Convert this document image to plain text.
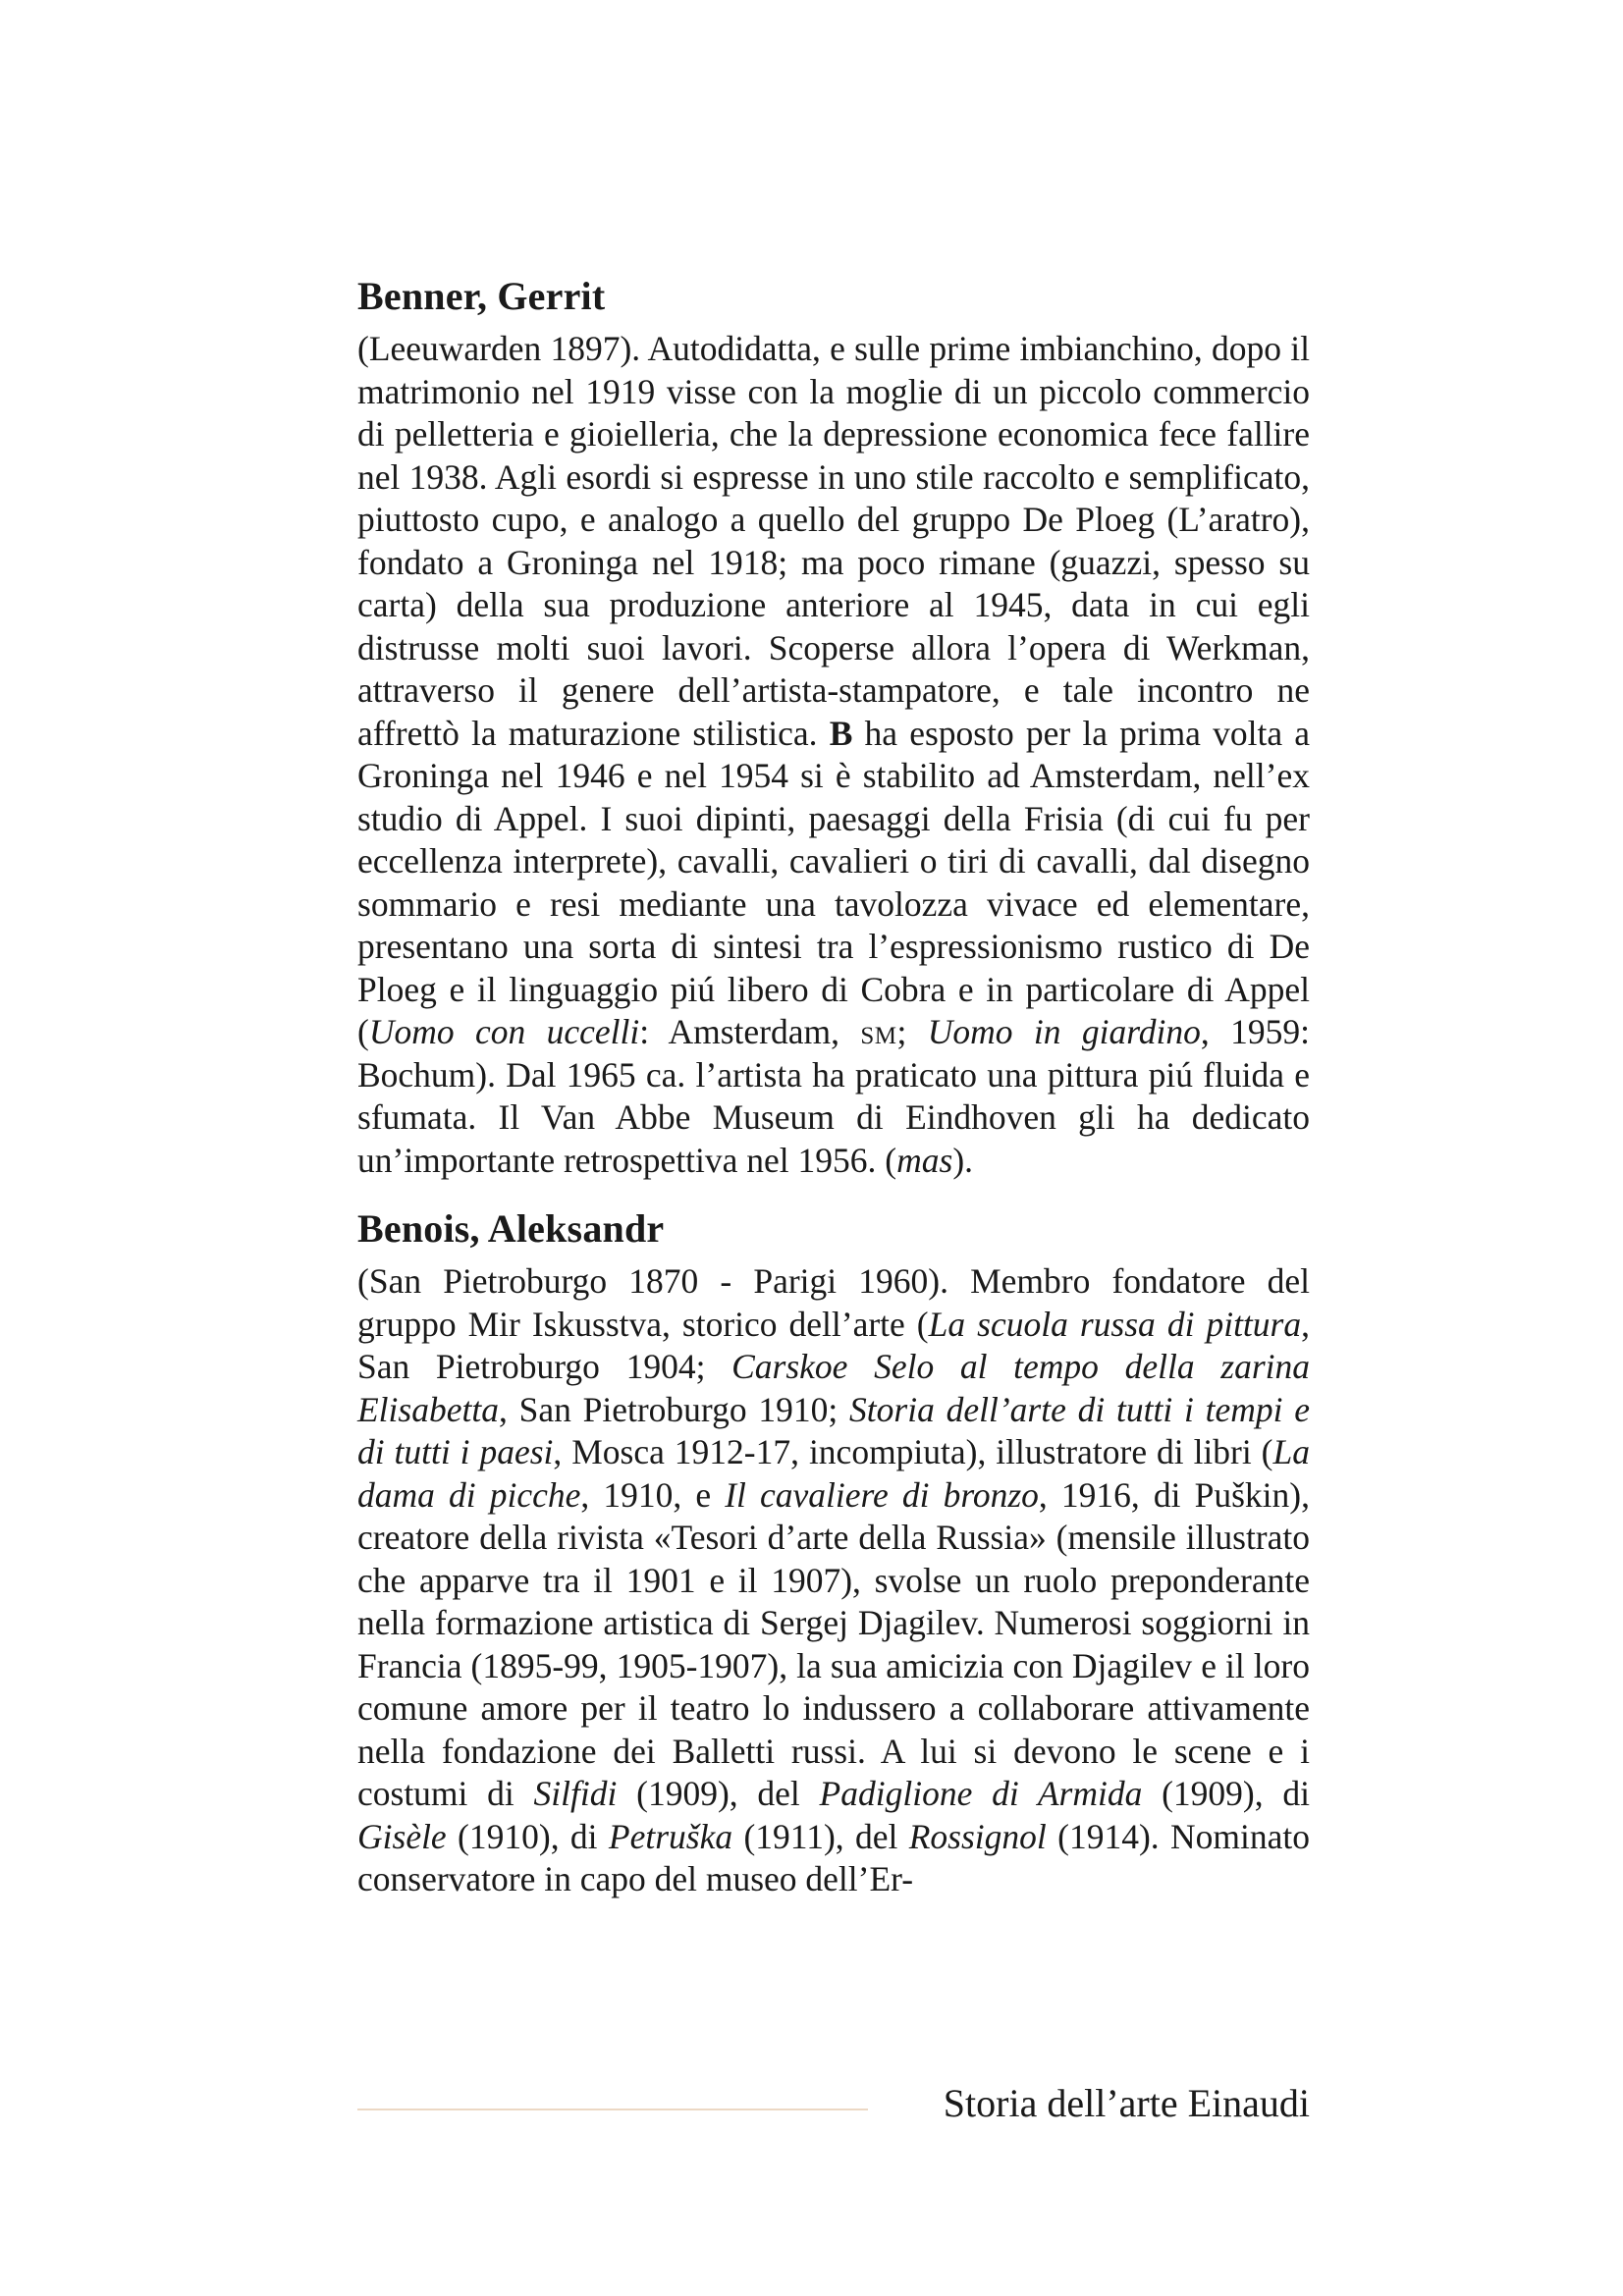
Benner, Gerrit

(Leeuwarden 1897). Autodidatta, e sulle prime imbianchino, dopo il matrimonio nel 1919 visse con la moglie di un piccolo commercio di pelletteria e gioielleria, che la depressione economica fece fallire nel 1938. Agli esordi si espresse in uno stile raccolto e semplificato, piuttosto cupo, e analogo a quello del gruppo De Ploeg (L’aratro), fondato a Groninga nel 1918; ma poco rimane (guazzi, spesso su carta) della sua produzione anteriore al 1945, data in cui egli distrusse molti suoi lavori. Scoperse allora l’opera di Werkman, attraverso il genere dell’artista-stampatore, e tale incontro ne affrettò la maturazione stilistica. B ha esposto per la prima volta a Groninga nel 1946 e nel 1954 si è stabilito ad Amsterdam, nell’ex studio di Appel. I suoi dipinti, paesaggi della Frisia (di cui fu per eccellenza interprete), cavalli, cavalieri o tiri di cavalli, dal disegno sommario e resi mediante una tavolozza vivace ed elementare, presentano una sorta di sintesi tra l’espressionismo rustico di De Ploeg e il linguaggio piú libero di Cobra e in particolare di Appel (Uomo con uccelli: Amsterdam, sm; Uomo in giardino, 1959: Bochum). Dal 1965 ca. l’artista ha praticato una pittura piú fluida e sfumata. Il Van Abbe Museum di Eindhoven gli ha dedicato un’importante retrospettiva nel 1956. (mas).

Benois, Aleksandr

(San Pietroburgo 1870 - Parigi 1960). Membro fondatore del gruppo Mir Iskusstva, storico dell’arte (La scuola russa di pittura, San Pietroburgo 1904; Carskoe Selo al tempo della zarina Elisabetta, San Pietroburgo 1910; Storia dell’arte di tutti i tempi e di tutti i paesi, Mosca 1912-17, incompiuta), illustratore di libri (La dama di picche, 1910, e Il cavaliere di bronzo, 1916, di Puškin), creatore della rivista «Tesori d’arte della Russia» (mensile illustrato che apparve tra il 1901 e il 1907), svolse un ruolo preponderante nella formazione artistica di Sergej Djagilev. Numerosi soggiorni in Francia (1895-99, 1905-1907), la sua amicizia con Djagilev e il loro comune amore per il teatro lo indussero a collaborare attivamente nella fondazione dei Balletti russi. A lui si devono le scene e i costumi di Silfidi (1909), del Padiglione di Armida (1909), di Gisèle (1910), di Petruška (1911), del Rossignol (1914). Nominato conservatore in capo del museo dell’Er-

Storia dell’arte Einaudi
